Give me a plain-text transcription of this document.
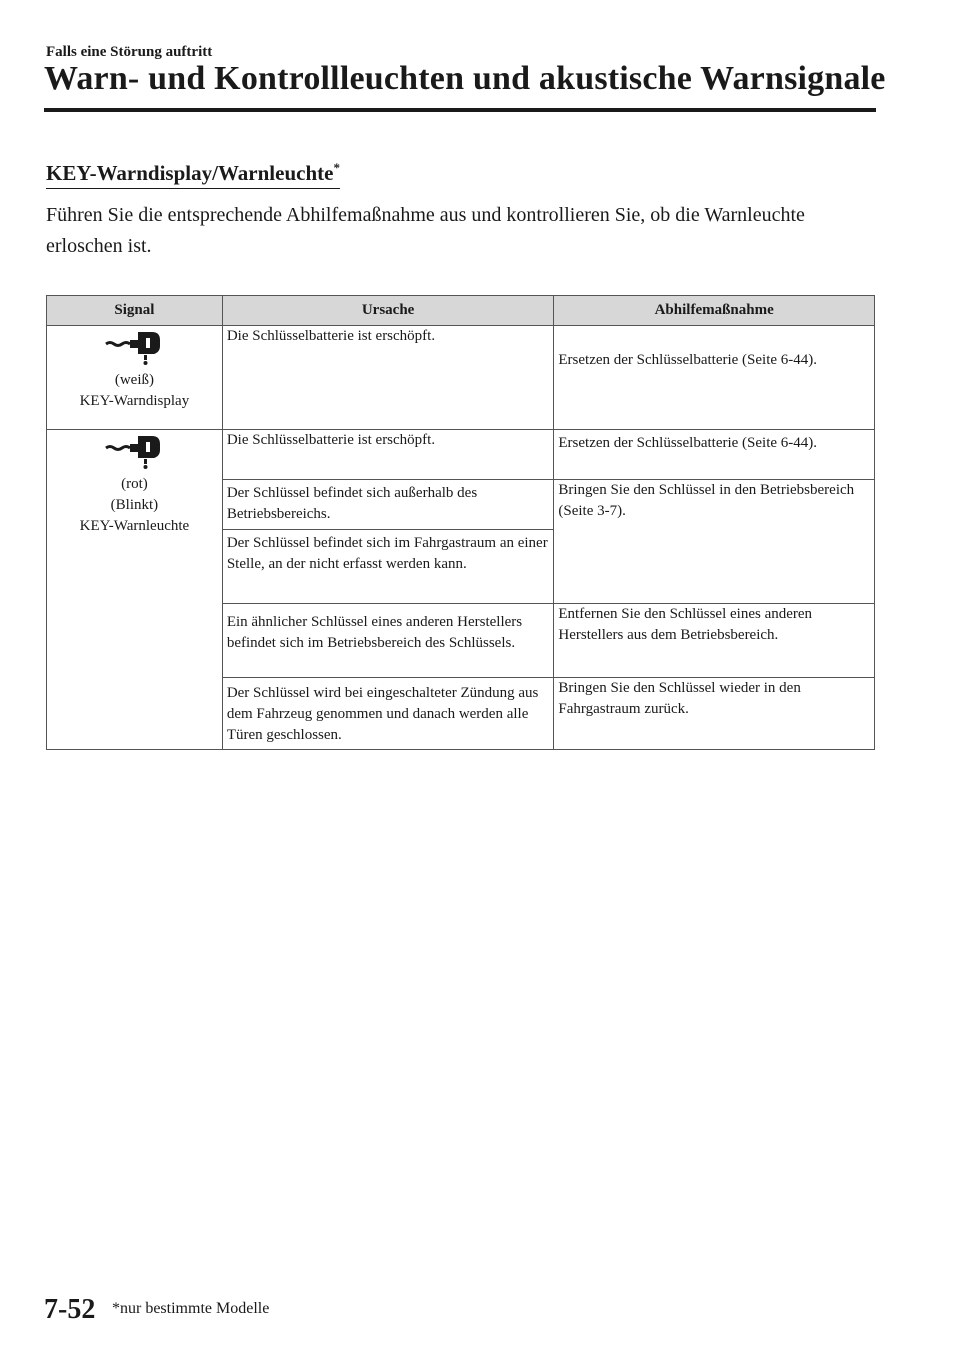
Falls eine Störung auftritt
Warn- und Kontrollleuchten und akustische Warnsignale
KEY-Warndisplay/Warnleuchte*
Führen Sie die entsprechende Abhilfemaßnahme aus und kontrollieren Sie, ob die Warnleuchte erloschen ist.
Signal	Ursache	Abhilfemaßnahme

(weiß)
KEY-Warndisplay	Die Schlüsselbatterie ist erschöpft.	Ersetzen der Schlüsselbatterie (Seite 6-44).

(rot)
(Blinkt)
KEY-Warnleuchte	Die Schlüsselbatterie ist erschöpft.	Ersetzen der Schlüsselbatterie (Seite 6-44).
	Der Schlüssel befindet sich außerhalb des Betriebsbereichs.	Bringen Sie den Schlüssel in den Betriebsbereich (Seite 3-7).
	Der Schlüssel befindet sich im Fahrgastraum an einer Stelle, an der nicht erfasst werden kann.	
	Ein ähnlicher Schlüssel eines anderen Herstellers befindet sich im Betriebsbereich des Schlüssels.	Entfernen Sie den Schlüssel eines anderen Herstellers aus dem Betriebsbereich.
	Der Schlüssel wird bei eingeschalteter Zündung aus dem Fahrzeug genommen und danach werden alle Türen geschlossen.	Bringen Sie den Schlüssel wieder in den Fahrgastraum zurück.
7-52 *nur bestimmte Modelle
